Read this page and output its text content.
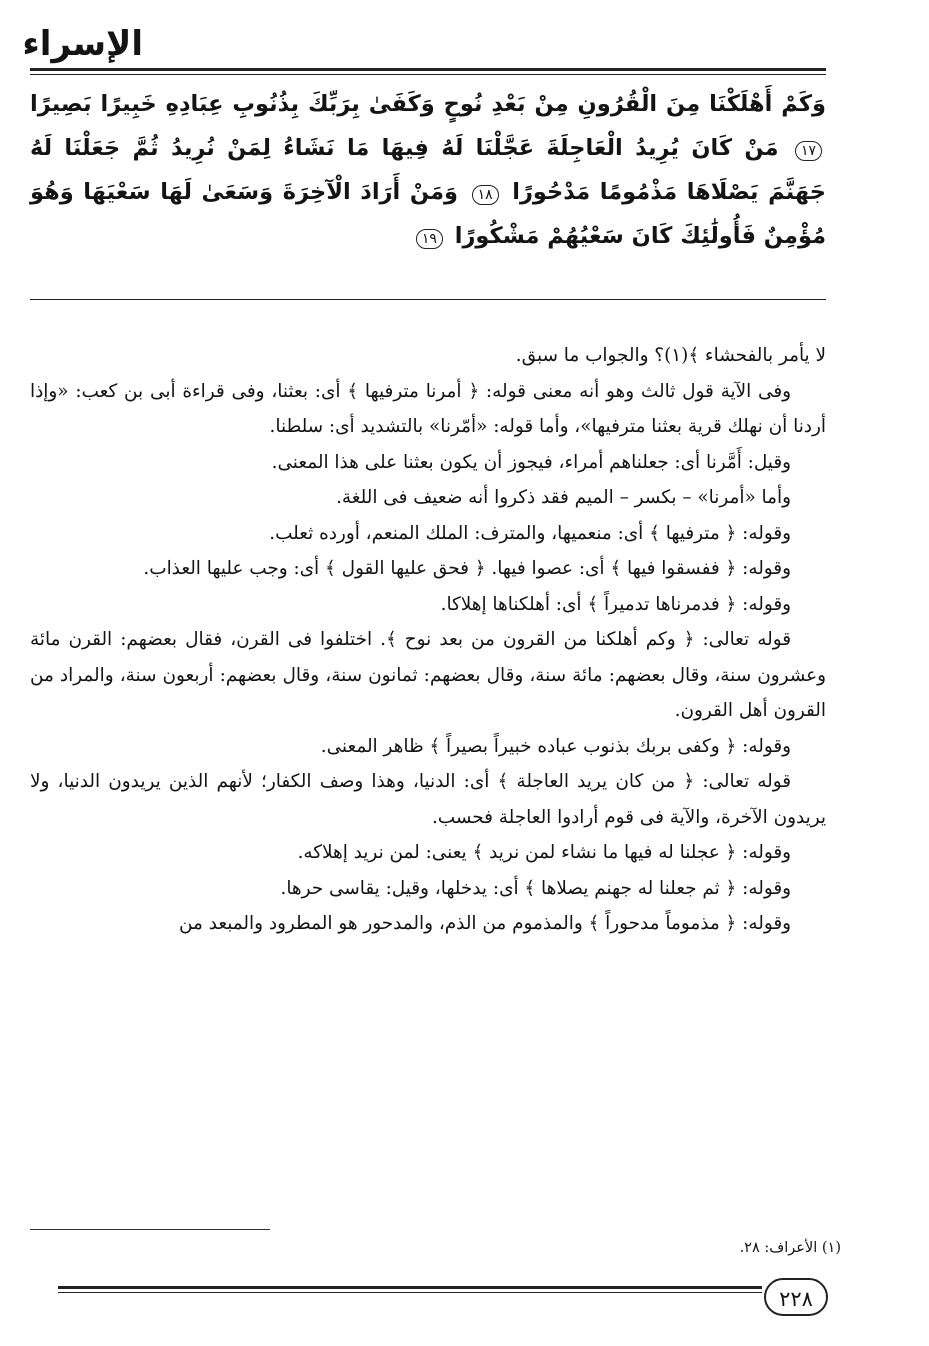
الإسراء
وَكَمْ أَهْلَكْنَا مِنَ الْقُرُونِ مِنْ بَعْدِ نُوحٍ وَكَفَىٰ بِرَبِّكَ بِذُنُوبِ عِبَادِهِ خَبِيرًا بَصِيرًا ١٧ مَنْ كَانَ يُرِيدُ الْعَاجِلَةَ عَجَّلْنَا لَهُ فِيهَا مَا نَشَاءُ لِمَنْ نُرِيدُ ثُمَّ جَعَلْنَا لَهُ جَهَنَّمَ يَصْلَاهَا مَذْمُومًا مَدْحُورًا ١٨ وَمَنْ أَرَادَ الْآخِرَةَ وَسَعَىٰ لَهَا سَعْيَهَا وَهُوَ مُؤْمِنٌ فَأُولَٰئِكَ كَانَ سَعْيُهُمْ مَشْكُورًا ١٩

لا يأمر بالفحشاء ﴾(١)؟ والجواب ما سبق.

وفى الآية قول ثالث وهو أنه معنى قوله: ﴿ أمرنا مترفيها ﴾ أى: بعثنا، وفى قراءة أبى بن كعب: «وإذا أردنا أن نهلك قرية بعثنا مترفيها»، وأما قوله: «أمّرنا» بالتشديد أى: سلطنا.

وقيل: أَمَّرنا أى: جعلناهم أمراء، فيجوز أن يكون بعثنا على هذا المعنى.

وأما «أمرنا» – بكسر – الميم فقد ذكروا أنه ضعيف فى اللغة.

وقوله: ﴿ مترفيها ﴾ أى: منعميها، والمترف: الملك المنعم، أورده ثعلب.

وقوله: ﴿ ففسقوا فيها ﴾ أى: عصوا فيها. ﴿ فحق عليها القول ﴾ أى: وجب عليها العذاب.

وقوله: ﴿ فدمرناها تدميراً ﴾ أى: أهلكناها إهلاكا.

قوله تعالى: ﴿ وكم أهلكنا من القرون من بعد نوح ﴾. اختلفوا فى القرن، فقال بعضهم: القرن مائة وعشرون سنة، وقال بعضهم: مائة سنة، وقال بعضهم: ثمانون سنة، وقال بعضهم: أربعون سنة، والمراد من القرون أهل القرون.

وقوله: ﴿ وكفى بربك بذنوب عباده خبيراً بصيراً ﴾ ظاهر المعنى.

قوله تعالى: ﴿ من كان يريد العاجلة ﴾ أى: الدنيا، وهذا وصف الكفار؛ لأنهم الذين يريدون الدنيا، ولا يريدون الآخرة، والآية فى قوم أرادوا العاجلة فحسب.

وقوله: ﴿ عجلنا له فيها ما نشاء لمن نريد ﴾ يعنى: لمن نريد إهلاكه.

وقوله: ﴿ ثم جعلنا له جهنم يصلاها ﴾ أى: يدخلها، وقيل: يقاسى حرها.

وقوله: ﴿ مذموماً مدحوراً ﴾ والمذموم من الذم، والمدحور هو المطرود والمبعد من

(١) الأعراف: ٢٨.

٢٢٨
